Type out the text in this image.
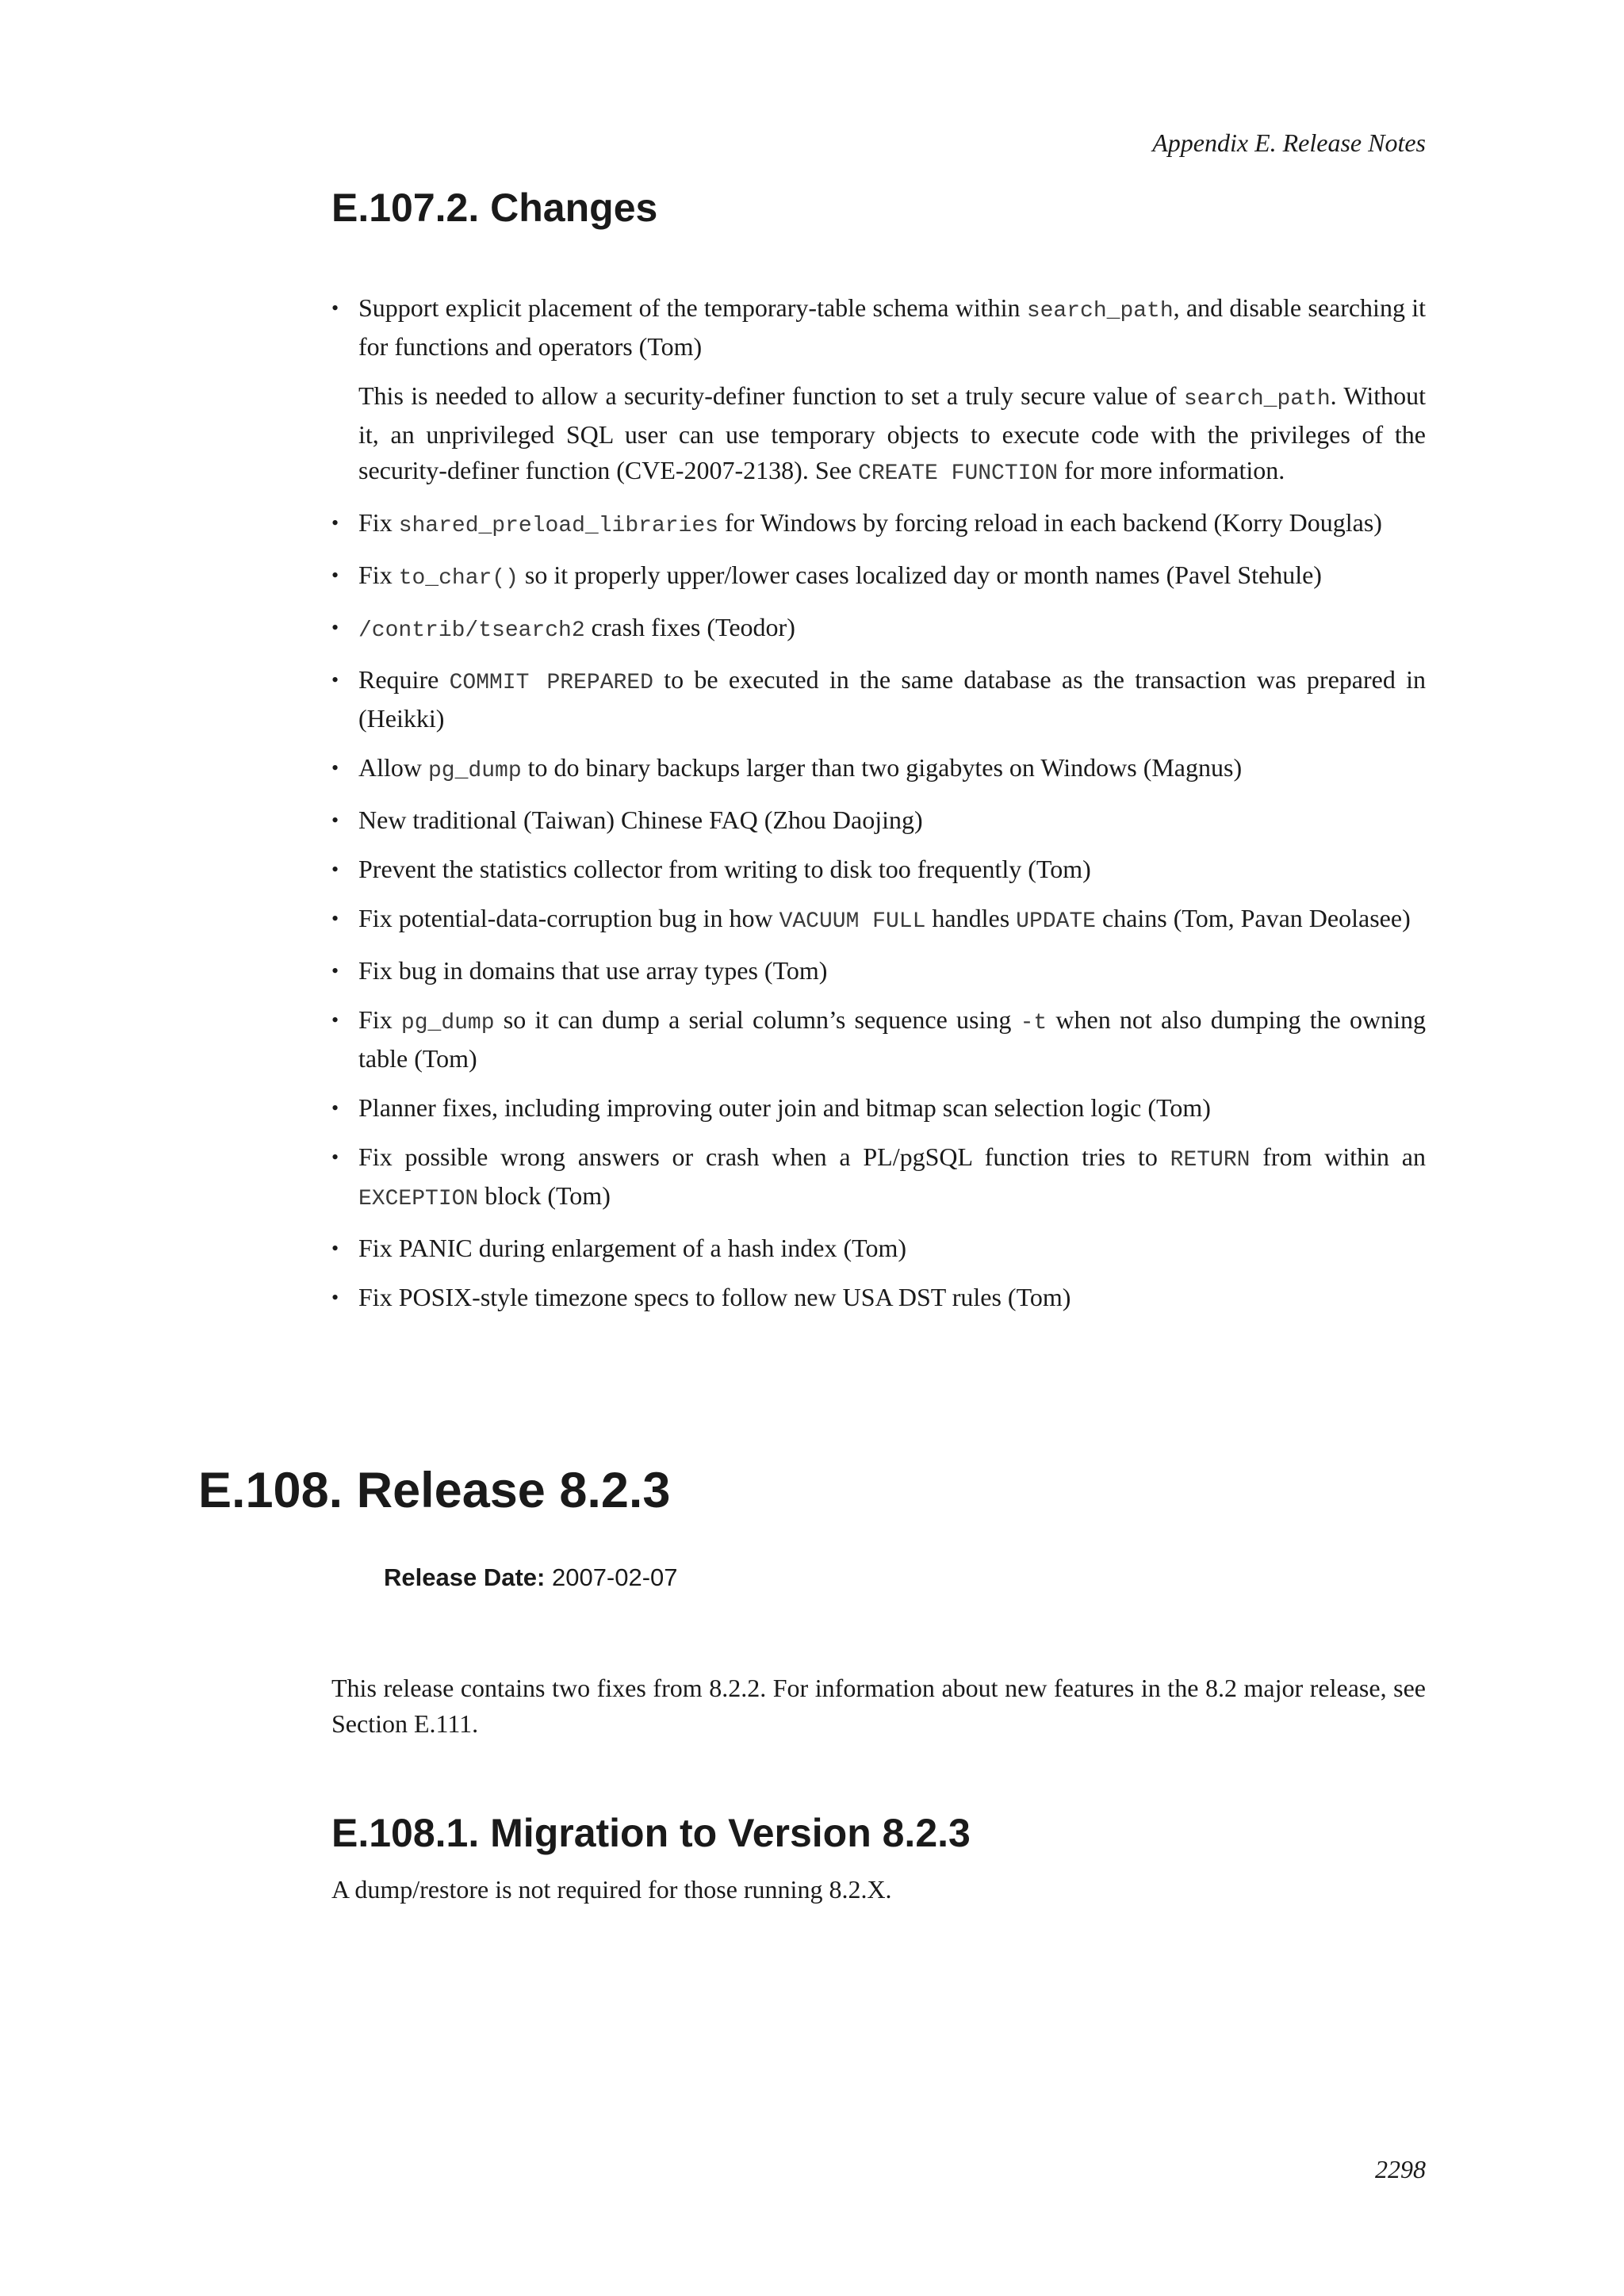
Appendix E. Release Notes
E.107.2. Changes

• Support explicit placement of the temporary-table schema within search_path, and disable searching it for functions and operators (Tom)

This is needed to allow a security-definer function to set a truly secure value of search_path. Without it, an unprivileged SQL user can use temporary objects to execute code with the privileges of the security-definer function (CVE-2007-2138). See CREATE FUNCTION for more information.

• Fix shared_preload_libraries for Windows by forcing reload in each backend (Korry Douglas)

• Fix to_char() so it properly upper/lower cases localized day or month names (Pavel Stehule)

• /contrib/tsearch2 crash fixes (Teodor)

• Require COMMIT PREPARED to be executed in the same database as the transaction was prepared in (Heikki)

• Allow pg_dump to do binary backups larger than two gigabytes on Windows (Magnus)

• New traditional (Taiwan) Chinese FAQ (Zhou Daojing)

• Prevent the statistics collector from writing to disk too frequently (Tom)

• Fix potential-data-corruption bug in how VACUUM FULL handles UPDATE chains (Tom, Pavan Deolasee)

• Fix bug in domains that use array types (Tom)

• Fix pg_dump so it can dump a serial column’s sequence using -t when not also dumping the owning table (Tom)

• Planner fixes, including improving outer join and bitmap scan selection logic (Tom)

• Fix possible wrong answers or crash when a PL/pgSQL function tries to RETURN from within an EXCEPTION block (Tom)

• Fix PANIC during enlargement of a hash index (Tom)

• Fix POSIX-style timezone specs to follow new USA DST rules (Tom)

E.108. Release 8.2.3
Release Date: 2007-02-07

This release contains two fixes from 8.2.2. For information about new features in the 8.2 major release, see Section E.111.

E.108.1. Migration to Version 8.2.3

A dump/restore is not required for those running 8.2.X.

2298
